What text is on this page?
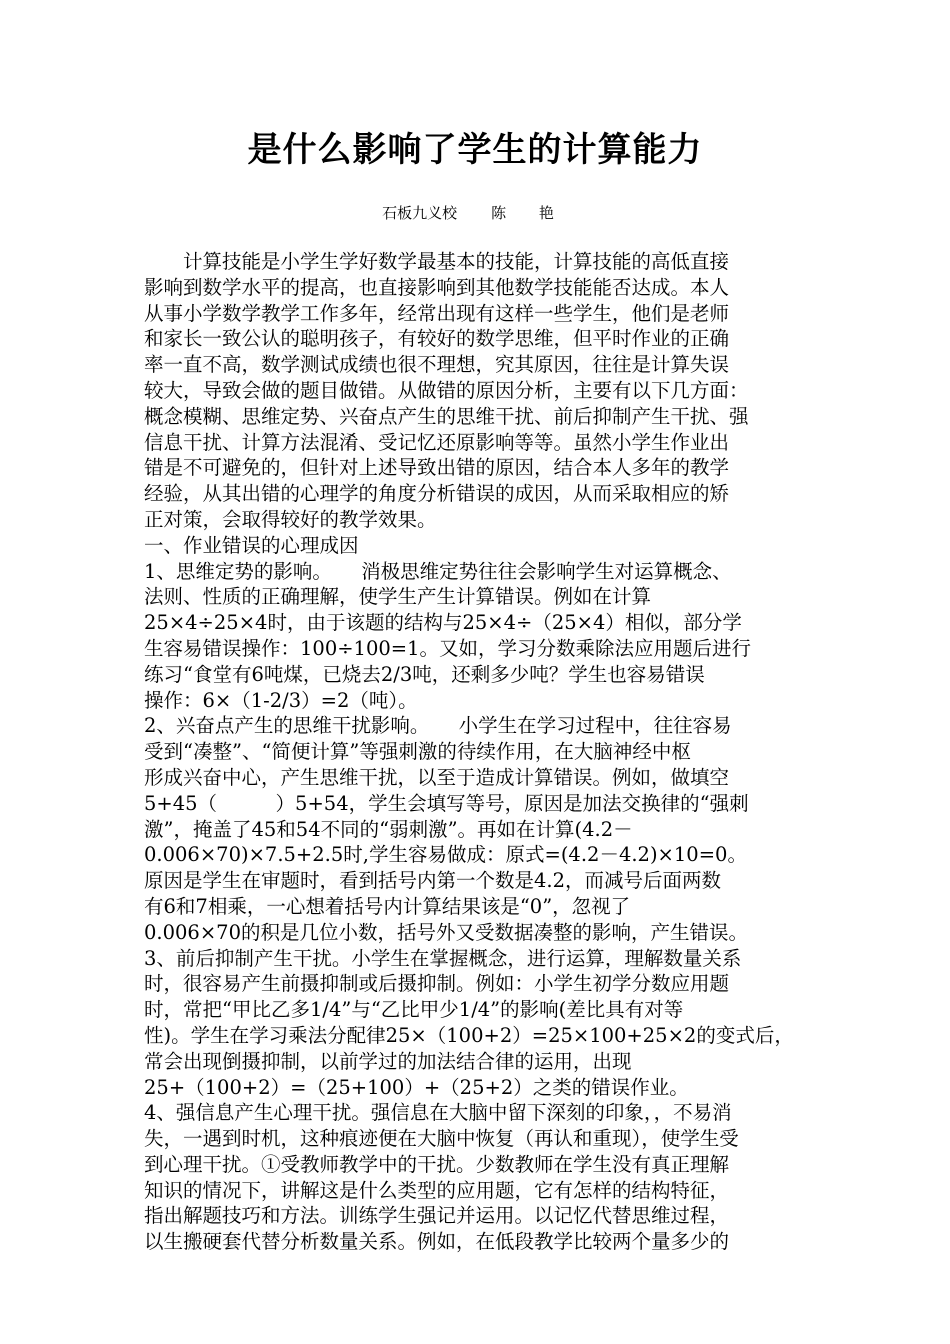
是什么影响了学生的计算能力
石板九义校 陈 艳
　　计算技能是小学生学好数学最基本的技能，计算技能的高低直接
影响到数学水平的提高，也直接影响到其他数学技能能否达成。本人
从事小学数学教学工作多年，经常出现有这样一些学生，他们是老师
和家长一致公认的聪明孩子，有较好的数学思维，但平时作业的正确
率一直不高，数学测试成绩也很不理想，究其原因，往往是计算失误
较大，导致会做的题目做错。从做错的原因分析，主要有以下几方面：
概念模糊、思维定势、兴奋点产生的思维干扰、前后抑制产生干扰、强
信息干扰、计算方法混淆、受记忆还原影响等等。虽然小学生作业出
错是不可避免的，但针对上述导致出错的原因，结合本人多年的教学
经验，从其出错的心理学的角度分析错误的成因，从而采取相应的矫
正对策，会取得较好的教学效果。
一、作业错误的心理成因
1、思维定势的影响。　　消极思维定势往往会影响学生对运算概念、
法则、性质的正确理解，使学生产生计算错误。例如在计算
25×4÷25×4时，由于该题的结构与25×4÷（25×4）相似，部分学
生容易错误操作：100÷100=1。又如，学习分数乘除法应用题后进行
练习“食堂有6吨煤，已烧去2/3吨，还剩多少吨？学生也容易错误
操作：6×（1-2/3）=2（吨）。
2、兴奋点产生的思维干扰影响。　　小学生在学习过程中，往往容易
受到“凑整”、“简便计算”等强刺激的待续作用，在大脑神经中枢
形成兴奋中心，产生思维干扰，以至于造成计算错误。例如，做填空
5+45（　　　）5+54，学生会填写等号，原因是加法交换律的“强刺
激”，掩盖了45和54不同的“弱刺激”。再如在计算(4.2－
0.006×70)×7.5+2.5时,学生容易做成：原式=(4.2－4.2)×10=0。
原因是学生在审题时，看到括号内第一个数是4.2，而减号后面两数
有6和7相乘，一心想着括号内计算结果该是“0”，忽视了
0.006×70的积是几位小数，括号外又受数据凑整的影响，产生错误。
3、前后抑制产生干扰。小学生在掌握概念，进行运算，理解数量关系
时，很容易产生前摄抑制或后摄抑制。例如：小学生初学分数应用题
时，常把“甲比乙多1/4”与“乙比甲少1/4”的影响(差比具有对等
性)。学生在学习乘法分配律25×（100+2）=25×100+25×2的变式后，
常会出现倒摄抑制，以前学过的加法结合律的运用，出现
25+（100+2）=（25+100）+（25+2）之类的错误作业。
4、强信息产生心理干扰。强信息在大脑中留下深刻的印象，，不易消
失，一遇到时机，这种痕迹便在大脑中恢复（再认和重现），使学生受
到心理干扰。①受教师教学中的干扰。少数教师在学生没有真正理解
知识的情况下，讲解这是什么类型的应用题，它有怎样的结构特征，
指出解题技巧和方法。训练学生强记并运用。以记忆代替思维过程，
以生搬硬套代替分析数量关系。例如，在低段教学比较两个量多少的
